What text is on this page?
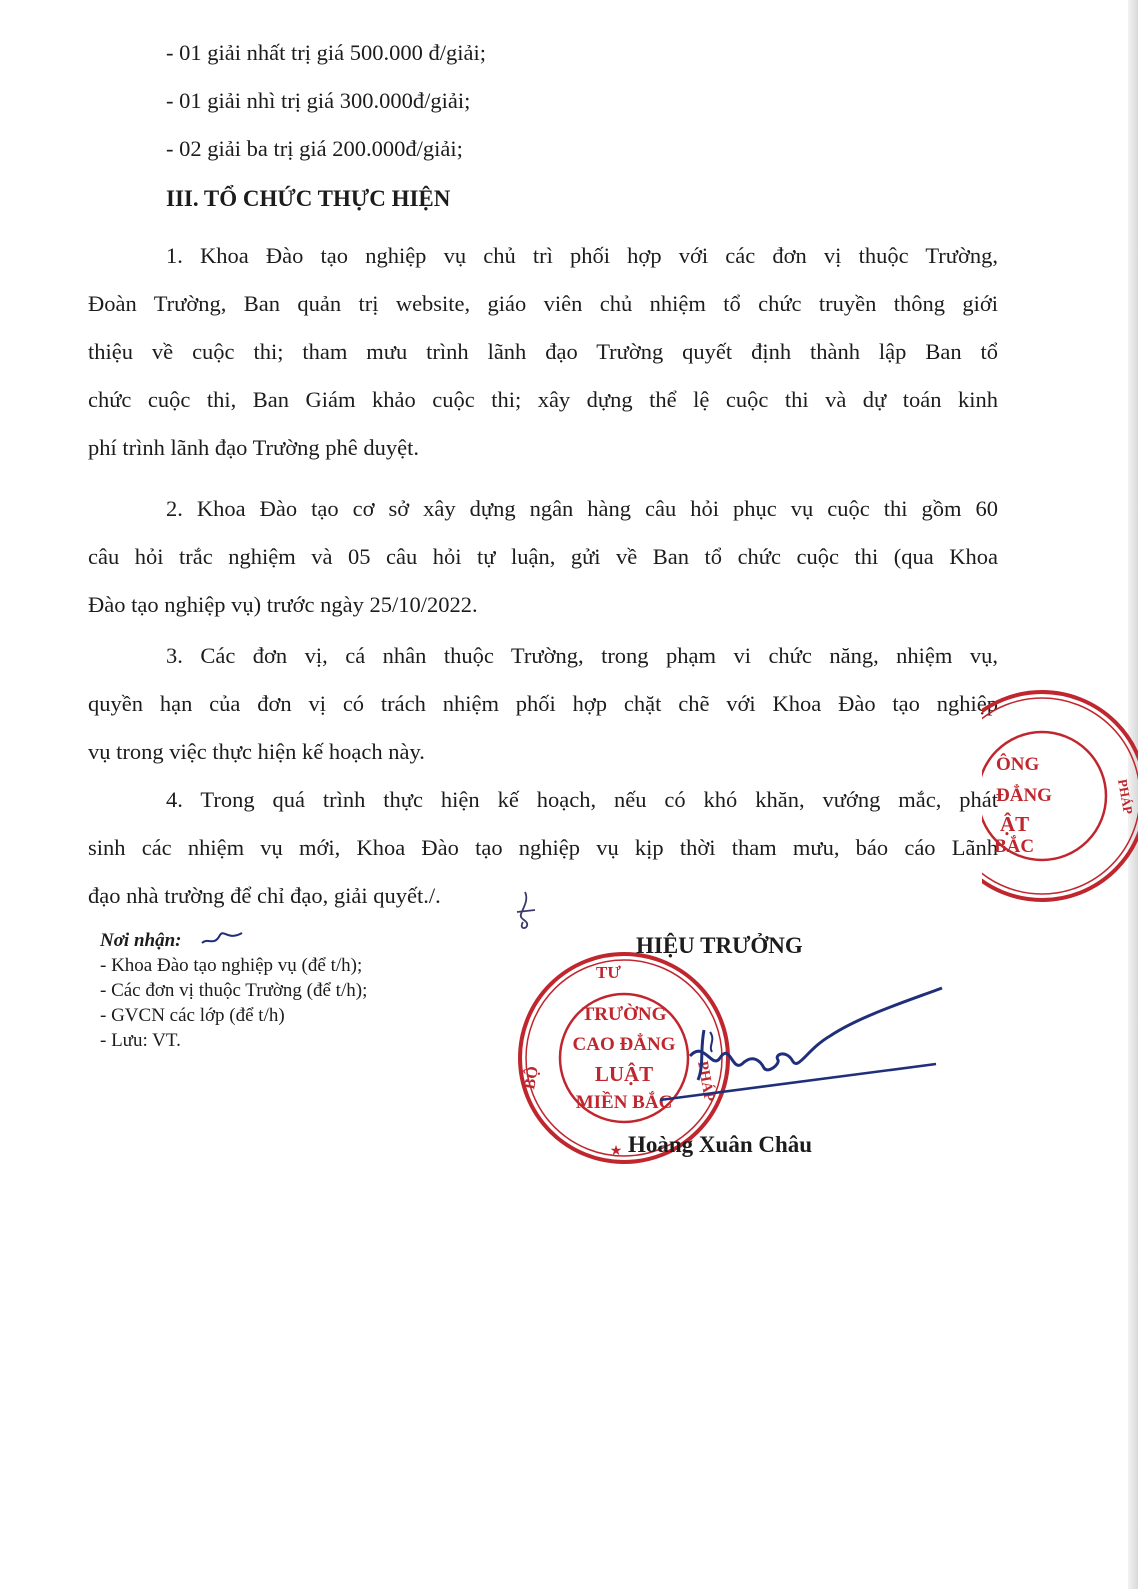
- 01 giải nhất trị giá 500.000 đ/giải;
- 01 giải nhì trị giá 300.000đ/giải;
- 02 giải ba trị giá 200.000đ/giải;
III. TỔ CHỨC THỰC HIỆN
1. Khoa Đào tạo nghiệp vụ chủ trì phối hợp với các đơn vị thuộc Trường,
Đoàn Trường, Ban quản trị website, giáo viên chủ nhiệm tổ chức truyền thông giới
thiệu về cuộc thi; tham mưu trình lãnh đạo Trường quyết định thành lập Ban tổ
chức cuộc thi, Ban Giám khảo cuộc thi; xây dựng thể lệ cuộc thi và dự toán kinh
phí trình lãnh đạo Trường phê duyệt.
2. Khoa Đào tạo cơ sở xây dựng ngân hàng câu hỏi phục vụ cuộc thi gồm 60
câu hỏi trắc nghiệm và 05 câu hỏi tự luận, gửi về Ban tổ chức cuộc thi (qua Khoa
Đào tạo nghiệp vụ) trước ngày 25/10/2022.
3. Các đơn vị, cá nhân thuộc Trường, trong phạm vi chức năng, nhiệm vụ,
quyền hạn của đơn vị có trách nhiệm phối hợp chặt chẽ với Khoa Đào tạo nghiệp
vụ trong việc thực hiện kế hoạch này.
4. Trong quá trình thực hiện kế hoạch, nếu có khó khăn, vướng mắc, phát
sinh các nhiệm vụ mới, Khoa Đào tạo nghiệp vụ kịp thời tham mưu, báo cáo Lãnh
đạo nhà trường để chỉ đạo, giải quyết./.
Nơi nhận:
- Khoa Đào tạo nghiệp vụ (để t/h);
- Các đơn vị thuộc Trường (để t/h);
- GVCN các lớp (để t/h)
- Lưu: VT.
TƯ
BỘ	PHÁP
TRƯỜNG
CAO ĐẲNG
LUẬT
MIỀN BẮC
★
ÔNG
ĐẲNG
ẬT
BẮC
PHÁP
HIỆU TRƯỞNG
Hoàng Xuân Châu
